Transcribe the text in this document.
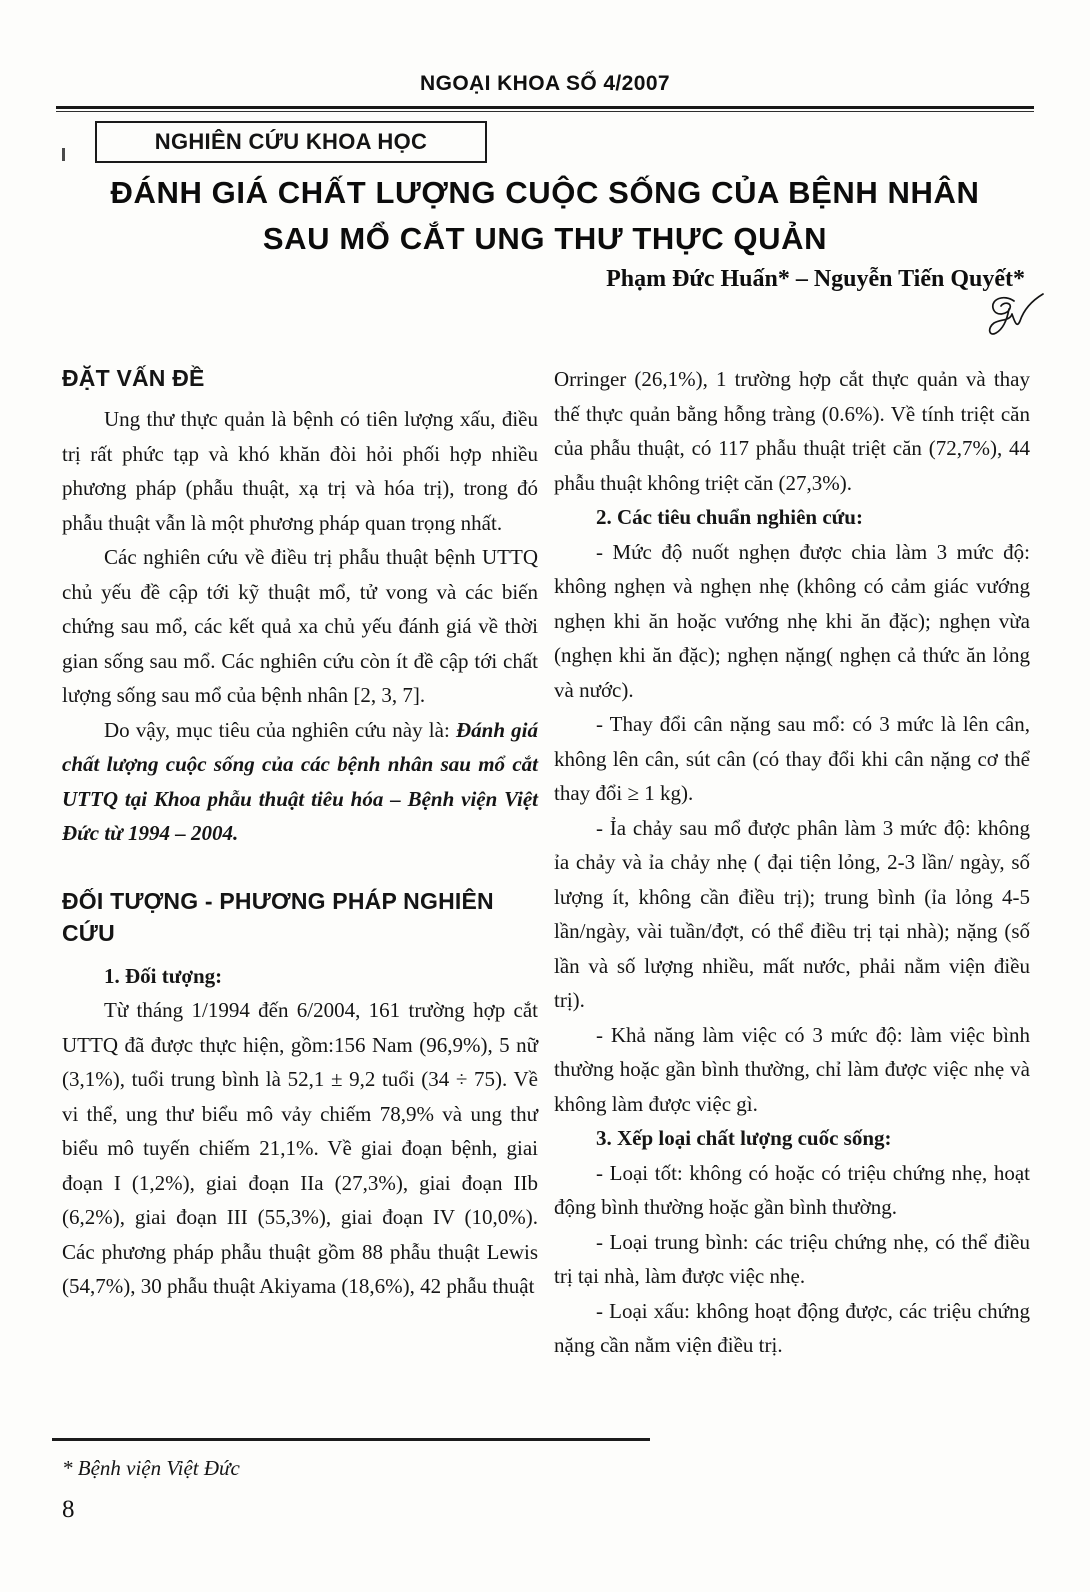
NGOẠI KHOA SỐ 4/2007
NGHIÊN CỨU KHOA HỌC
ĐÁNH GIÁ CHẤT LƯỢNG CUỘC SỐNG CỦA BỆNH NHÂN
SAU MỔ CẮT UNG THƯ THỰC QUẢN
Phạm Đức Huấn* – Nguyễn Tiến Quyết*
ĐẶT VẤN ĐỀ

Ung thư thực quản là bệnh có tiên lượng xấu, điều trị rất phức tạp và khó khăn đòi hỏi phối hợp nhiều phương pháp (phẫu thuật, xạ trị và hóa trị), trong đó phẫu thuật vẫn là một phương pháp quan trọng nhất.

Các nghiên cứu về điều trị phẫu thuật bệnh UTTQ chủ yếu đề cập tới kỹ thuật mổ, tử vong và các biến chứng sau mổ, các kết quả xa chủ yếu đánh giá về thời gian sống sau mổ. Các nghiên cứu còn ít đề cập tới chất lượng sống sau mổ của bệnh nhân [2, 3, 7].

Do vậy, mục tiêu của nghiên cứu này là: Đánh giá chất lượng cuộc sống của các bệnh nhân sau mổ cắt UTTQ tại Khoa phẫu thuật tiêu hóa – Bệnh viện Việt Đức từ 1994 – 2004.

ĐỐI TƯỢNG - PHƯƠNG PHÁP NGHIÊN CỨU

1. Đối tượng:

Từ tháng 1/1994 đến 6/2004, 161 trường hợp cắt UTTQ đã được thực hiện, gồm:156 Nam (96,9%), 5 nữ (3,1%), tuổi trung bình là 52,1 ± 9,2 tuổi (34 ÷ 75). Về vi thể, ung thư biểu mô vảy chiếm 78,9% và ung thư biểu mô tuyến chiếm 21,1%. Về giai đoạn bệnh, giai đoạn I (1,2%), giai đoạn IIa (27,3%), giai đoạn IIb (6,2%), giai đoạn III (55,3%), giai đoạn IV (10,0%). Các phương pháp phẫu thuật gồm 88 phẫu thuật Lewis (54,7%), 30 phẫu thuật Akiyama (18,6%), 42 phẫu thuật

Orringer (26,1%), 1 trường hợp cắt thực quản và thay thế thực quản bằng hỗng tràng (0.6%). Về tính triệt căn của phẫu thuật, có 117 phẫu thuật triệt căn (72,7%), 44 phẫu thuật không triệt căn (27,3%).

2. Các tiêu chuẩn nghiên cứu:

- Mức độ nuốt nghẹn được chia làm 3 mức độ: không nghẹn và nghẹn nhẹ (không có cảm giác vướng nghẹn khi ăn hoặc vướng nhẹ khi ăn đặc); nghẹn vừa (nghẹn khi ăn đặc); nghẹn nặng( nghẹn cả thức ăn lỏng và nước).

- Thay đổi cân nặng sau mổ: có 3 mức là lên cân, không lên cân, sút cân (có thay đổi khi cân nặng cơ thể thay đổi ≥ 1 kg).

- Ỉa chảy sau mổ được phân làm 3 mức độ: không ỉa chảy và ỉa chảy nhẹ ( đại tiện lỏng, 2-3 lần/ ngày, số lượng ít, không cần điều trị); trung bình (ỉa lỏng 4-5 lần/ngày, vài tuần/đợt, có thể điều trị tại nhà); nặng (số lần và số lượng nhiều, mất nước, phải nằm viện điều trị).

- Khả năng làm việc có 3 mức độ: làm việc bình thường hoặc gần bình thường, chỉ làm được việc nhẹ và không làm được việc gì.

3. Xếp loại chất lượng cuốc sống:

- Loại tốt: không có hoặc có triệu chứng nhẹ, hoạt động bình thường hoặc gần bình thường.

- Loại trung bình: các triệu chứng nhẹ, có thể điều trị tại nhà, làm được việc nhẹ.

- Loại xấu: không hoạt động được, các triệu chứng nặng cần nằm viện điều trị.

* Bệnh viện Việt Đức
8
